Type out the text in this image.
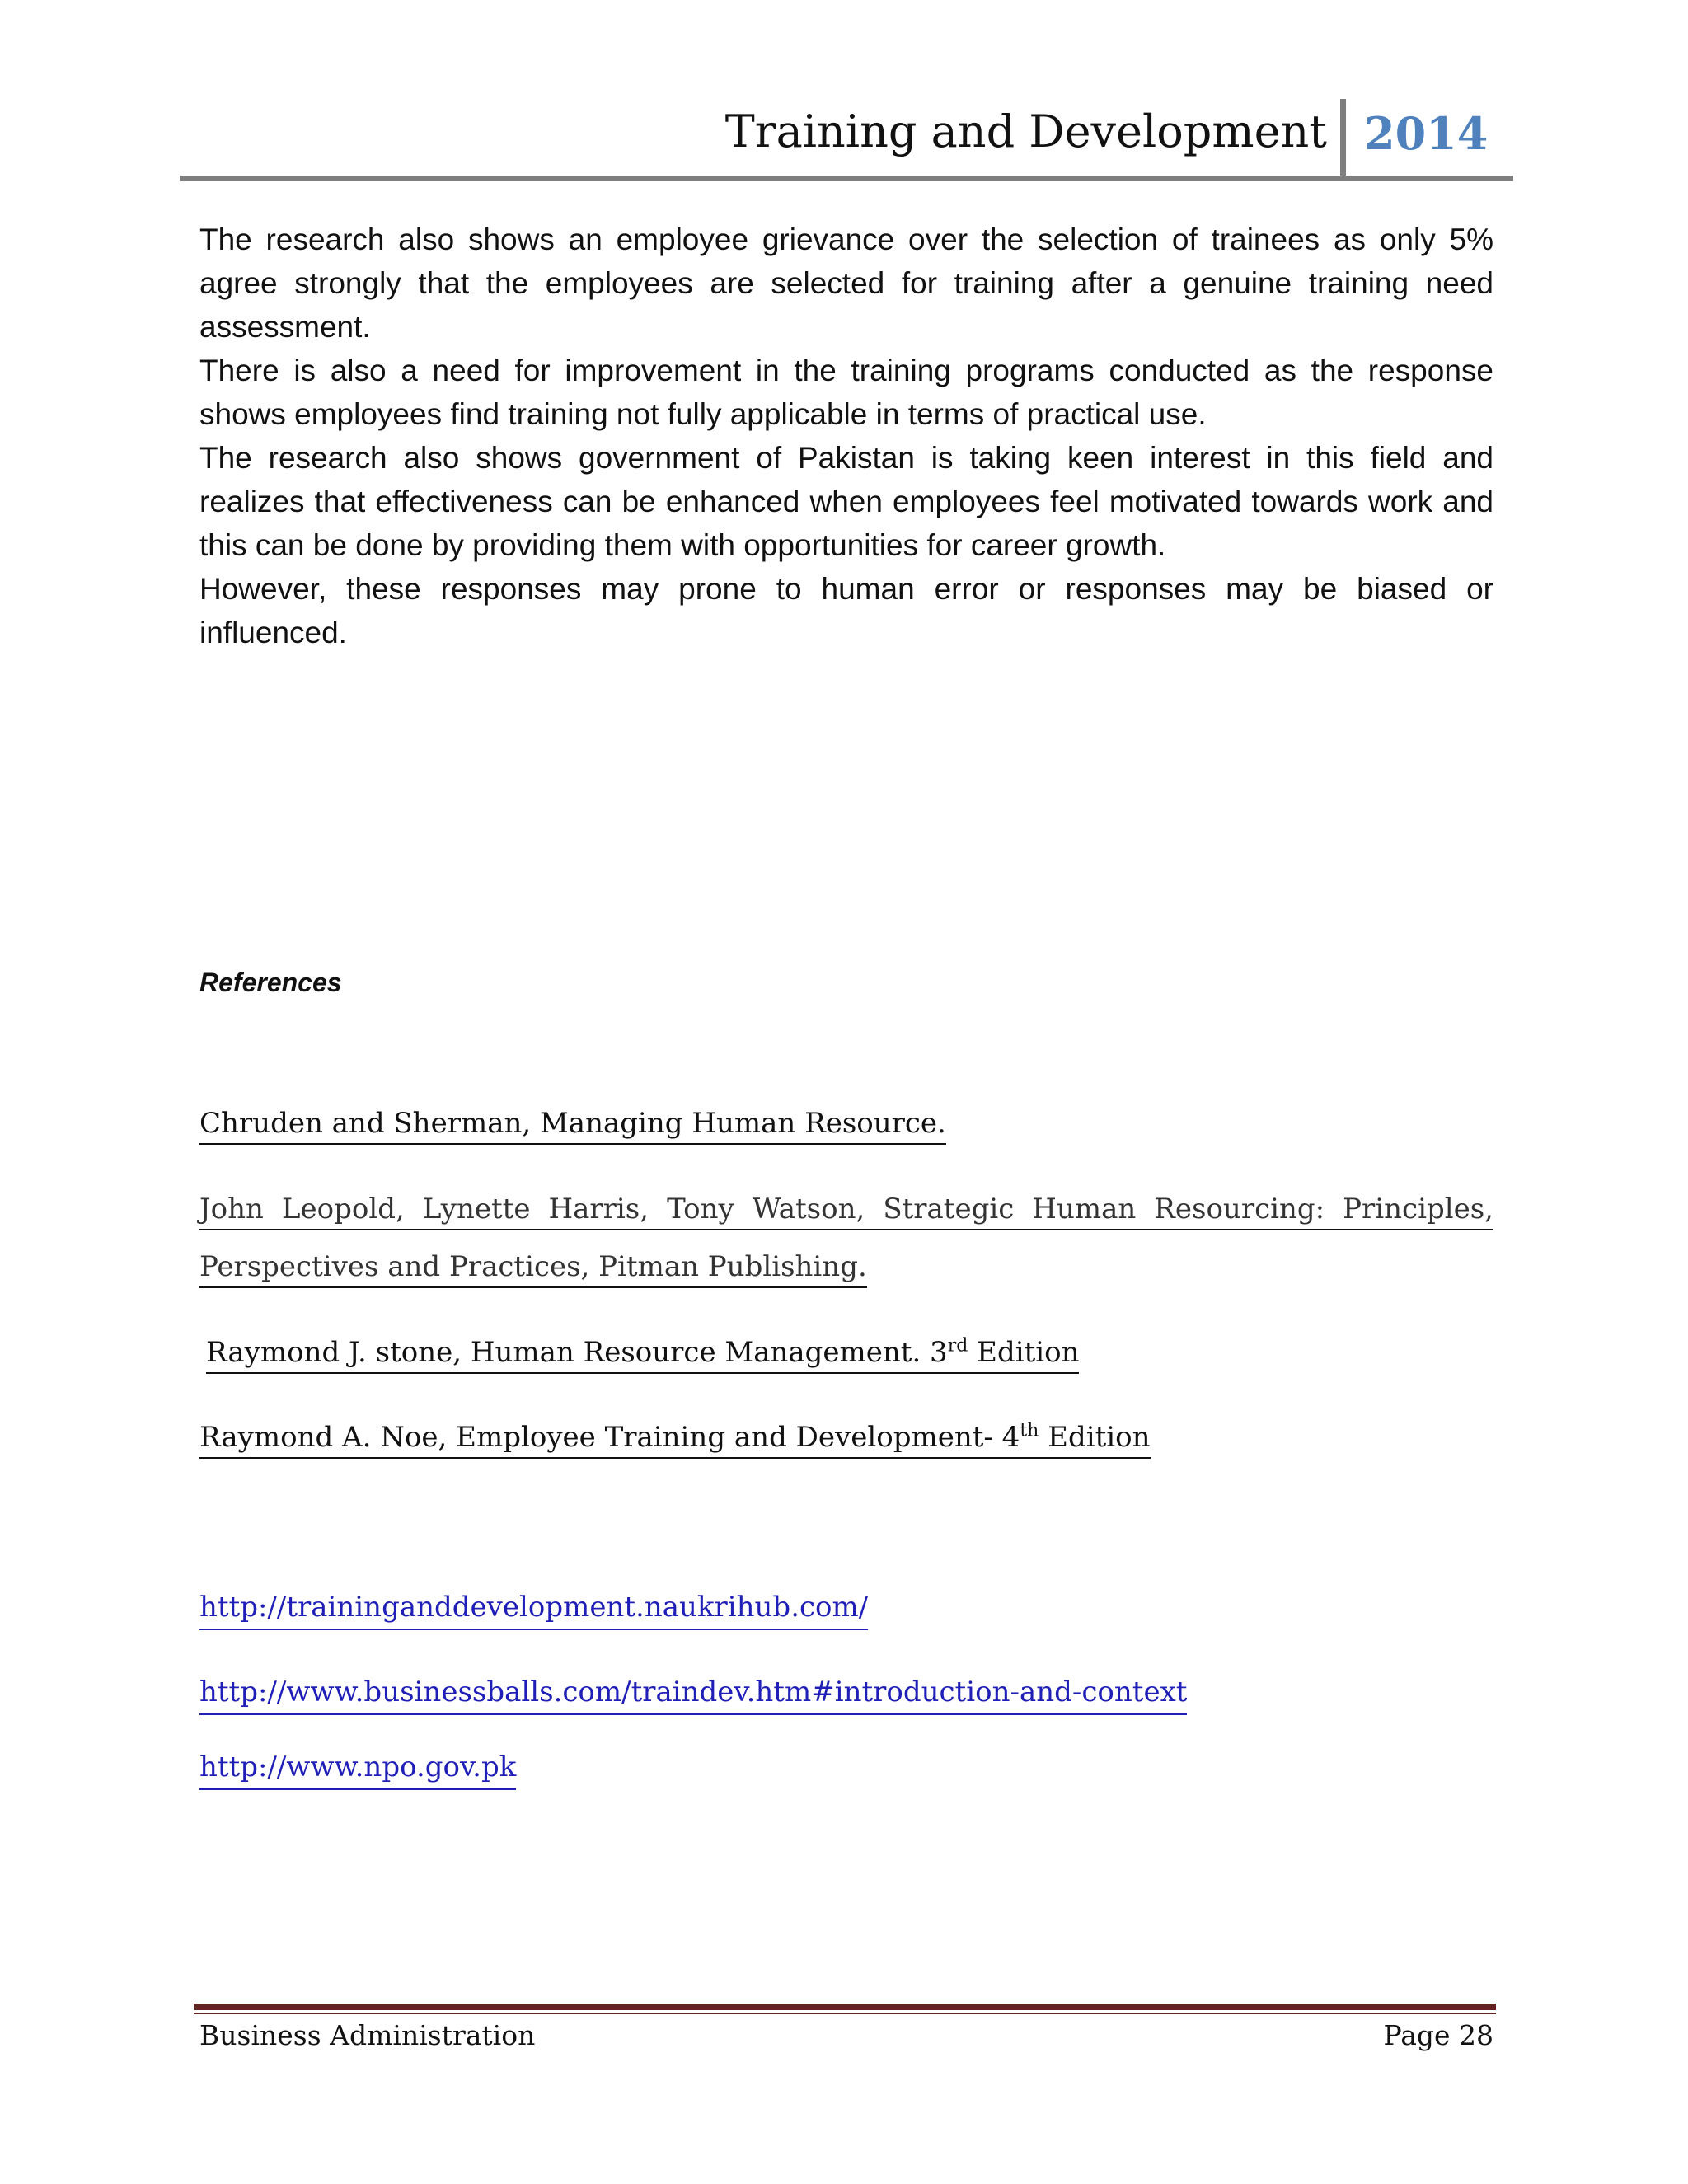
Training and Development 2014

The research also shows an employee grievance over the selection of trainees as only 5% agree strongly that the employees are selected for training after a genuine training need assessment.

There is also a need for improvement in the training programs conducted as the response shows employees find training not fully applicable in terms of practical use.

The research also shows government of Pakistan is taking keen interest in this field and realizes that effectiveness can be enhanced when employees feel motivated towards work and this can be done by providing them with opportunities for career growth.

However, these responses may prone to human error or responses may be biased or influenced.

References
Chruden and Sherman, Managing Human Resource.
John Leopold, Lynette Harris, Tony Watson, Strategic Human Resourcing: Principles, Perspectives and Practices, Pitman Publishing.
Raymond J. stone, Human Resource Management. 3rd Edition
Raymond A. Noe, Employee Training and Development- 4th Edition
http://traininganddevelopment.naukrihub.com/
http://www.businessballs.com/traindev.htm#introduction-and-context
http://www.npo.gov.pk
Business Administration	Page 28
